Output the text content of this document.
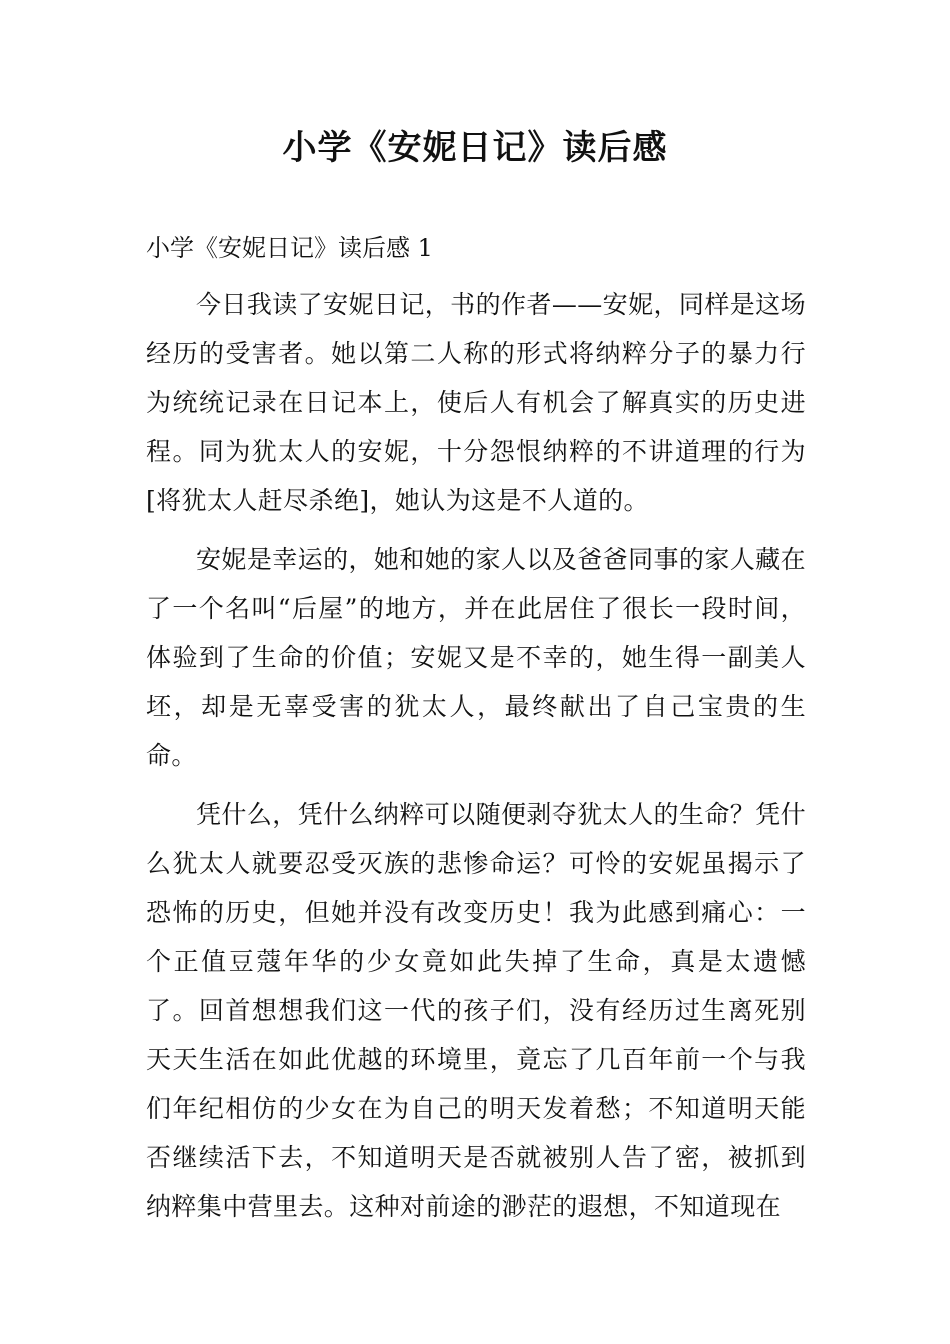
小学《安妮日记》读后感
小学《安妮日记》读后感 1

今日我读了安妮日记，书的作者——安妮，同样是这场经历的受害者。她以第二人称的形式将纳粹分子的暴力行为统统记录在日记本上，使后人有机会了解真实的历史进程。同为犹太人的安妮，十分怨恨纳粹的不讲道理的行为[将犹太人赶尽杀绝]，她认为这是不人道的。

安妮是幸运的，她和她的家人以及爸爸同事的家人藏在了一个名叫“后屋”的地方，并在此居住了很长一段时间，体验到了生命的价值；安妮又是不幸的，她生得一副美人坯，却是无辜受害的犹太人，最终献出了自己宝贵的生命。

凭什么，凭什么纳粹可以随便剥夺犹太人的生命？凭什么犹太人就要忍受灭族的悲惨命运？可怜的安妮虽揭示了恐怖的历史，但她并没有改变历史！我为此感到痛心：一个正值豆蔻年华的少女竟如此失掉了生命，真是太遗憾了。回首想想我们这一代的孩子们，没有经历过生离死别天天生活在如此优越的环境里，竟忘了几百年前一个与我们年纪相仿的少女在为自己的明天发着愁；不知道明天能否继续活下去，不知道明天是否就被别人告了密，被抓到纳粹集中营里去。这种对前途的渺茫的遐想，不知道现在
